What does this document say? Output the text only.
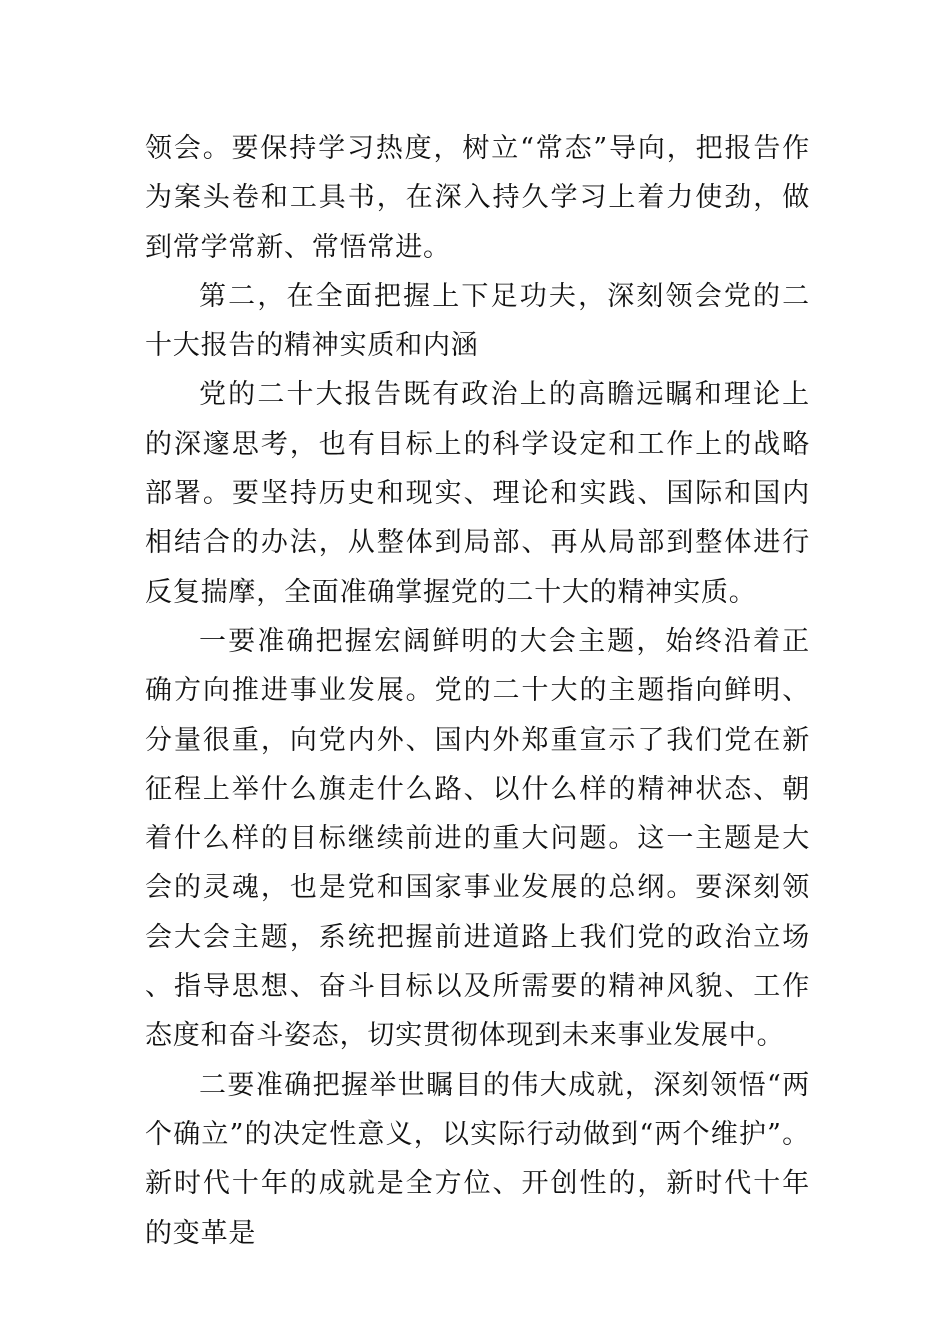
领会。要保持学习热度，树立“常态”导向，把报告作为案头卷和工具书，在深入持久学习上着力使劲，做到常学常新、常悟常进。

第二，在全面把握上下足功夫，深刻领会党的二十大报告的精神实质和内涵

党的二十大报告既有政治上的高瞻远瞩和理论上的深邃思考，也有目标上的科学设定和工作上的战略部署。要坚持历史和现实、理论和实践、国际和国内相结合的办法，从整体到局部、再从局部到整体进行反复揣摩，全面准确掌握党的二十大的精神实质。

一要准确把握宏阔鲜明的大会主题，始终沿着正确方向推进事业发展。党的二十大的主题指向鲜明、分量很重，向党内外、国内外郑重宣示了我们党在新征程上举什么旗走什么路、以什么样的精神状态、朝着什么样的目标继续前进的重大问题。这一主题是大会的灵魂，也是党和国家事业发展的总纲。要深刻领会大会主题，系统把握前进道路上我们党的政治立场、指导思想、奋斗目标以及所需要的精神风貌、工作态度和奋斗姿态，切实贯彻体现到未来事业发展中。

二要准确把握举世瞩目的伟大成就，深刻领悟“两个确立”的决定性意义，以实际行动做到“两个维护”。新时代十年的成就是全方位、开创性的，新时代十年的变革是
